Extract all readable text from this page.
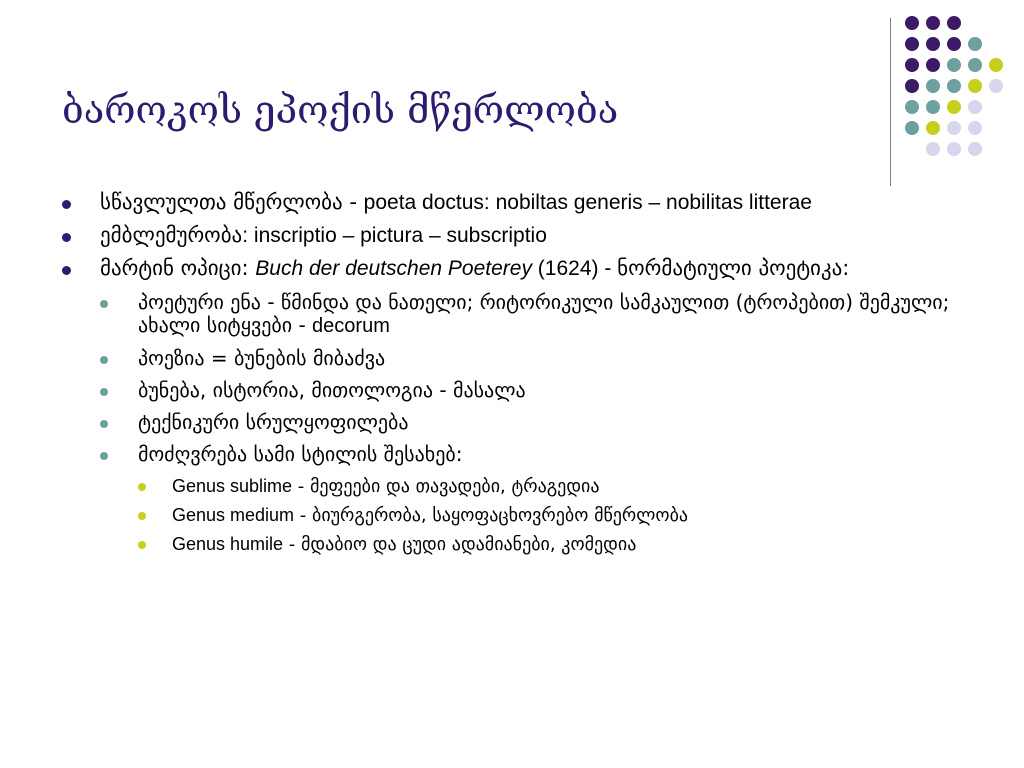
ბაროკოს ეპოქის მწერლობა
სწავლულთა მწერლობა - poeta doctus: nobiltas generis – nobilitas litterae
ემბლემურობა: inscriptio – pictura – subscriptio
მარტინ ოპიცი: Buch der deutschen Poeterey (1624) - ნორმატიული პოეტიკა:
პოეტური ენა - წმინდა და ნათელი; რიტორიკული სამკაულით (ტროპებით) შემკული; ახალი სიტყვები - decorum
პოეზია = ბუნების მიბაძვა
ბუნება, ისტორია, მითოლოგია - მასალა
ტექნიკური სრულყოფილება
მოძღვრება სამი სტილის შესახებ:
Genus sublime - მეფეები და თავადები, ტრაგედია
Genus medium - ბიურგერობა, საყოფაცხოვრებო მწერლობა
Genus humile - მდაბიო და ცუდი ადამიანები, კომედია
